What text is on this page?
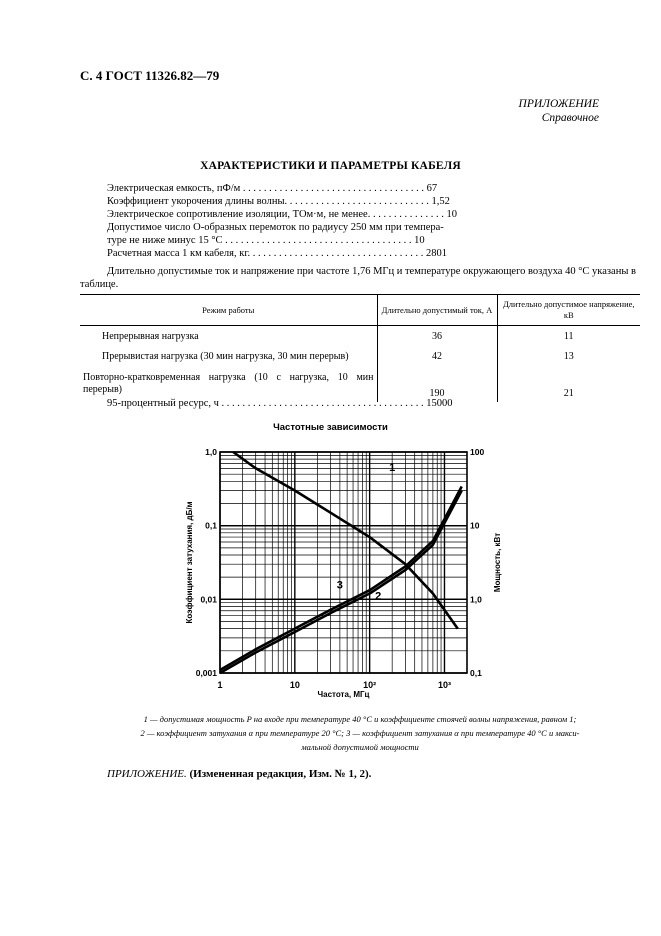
С. 4 ГОСТ 11326.82—79
ПРИЛОЖЕНИЕ
Справочное
ХАРАКТЕРИСТИКИ И ПАРАМЕТРЫ КАБЕЛЯ
Электрическая емкость, пФ/м . . . . . . . . . . . . . . . . . . . . . . . . . . . . . . . . . . . 67
Коэффициент укорочения длины волны. . . . . . . . . . . . . . . . . . . . . . . . . . . . 1,52
Электрическое сопротивление изоляции, ТОм·м, не менее. . . . . . . . . . . . . . . 10
Допустимое число О-образных перемоток по радиусу 250 мм при темпера-
туре не ниже минус 15 °С . . . . . . . . . . . . . . . . . . . . . . . . . . . . . . . . . . . . 10
Расчетная масса 1 км кабеля, кг. . . . . . . . . . . . . . . . . . . . . . . . . . . . . . . . . . 2801
Длительно допустимые ток и напряжение при частоте 1,76 МГц и температуре окружающего воздуха 40 °С указаны в таблице.
Режим работы	Длительно допустимый ток, А	Длительно допустимое напряжение, кВ
Непрерывная нагрузка	36	11
Прерывистая нагрузка (30 мин нагрузка, 30 мин перерыв)	42	13
Повторно-кратковременная нагрузка (10 с нагрузка, 10 мин перерыв)	190	21
95-процентный ресурс, ч . . . . . . . . . . . . . . . . . . . . . . . . . . . . . . . . . . . . . . . 15000
Частотные зависимости
1	10	10²	10³
1,0
0,1
0,01
0,001
100
10
1,0
0,1
Частота, МГц
Коэффициент затухания, дБ/м	Мощность, кВт
1
2
3
1 — допустимая мощность P на входе при температуре 40 °С и коэффициенте стоячей волны напряжения, равном 1;
2 — коэффициент затухания α при температуре 20 °С; 3 — коэффициент затухания α при температуре 40 °С и макси-
мальной допустимой мощности
ПРИЛОЖЕНИЕ. (Измененная редакция, Изм. № 1, 2).
